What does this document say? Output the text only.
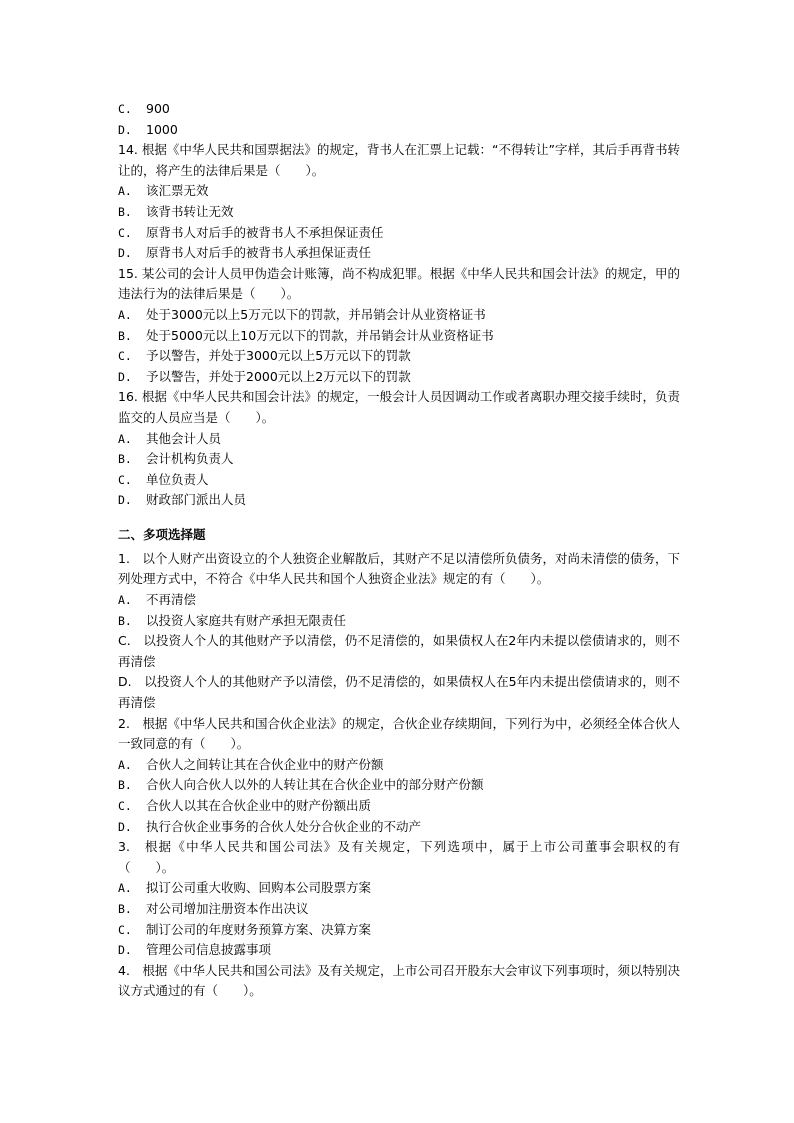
C.	900
D.	1000
14. 根据《中华人民共和国票据法》的规定，背书人在汇票上记载：“不得转让”字样，其后手再背书转让的，将产生的法律后果是（　　）。
A.	该汇票无效
B.	该背书转让无效
C.	原背书人对后手的被背书人不承担保证责任
D.	原背书人对后手的被背书人承担保证责任
15. 某公司的会计人员甲伪造会计账簿，尚不构成犯罪。根据《中华人民共和国会计法》的规定，甲的违法行为的法律后果是（　　）。
A.	处于3000元以上5万元以下的罚款，并吊销会计从业资格证书
B.	处于5000元以上10万元以下的罚款，并吊销会计从业资格证书
C.	予以警告，并处于3000元以上5万元以下的罚款
D.	予以警告，并处于2000元以上2万元以下的罚款
16. 根据《中华人民共和国会计法》的规定，一般会计人员因调动工作或者离职办理交接手续时，负责监交的人员应当是（　　）。
A.	其他会计人员
B.	会计机构负责人
C.	单位负责人
D.	财政部门派出人员
二、多项选择题
1.　以个人财产出资设立的个人独资企业解散后，其财产不足以清偿所负债务，对尚未清偿的债务，下列处理方式中，不符合《中华人民共和国个人独资企业法》规定的有（　　）。
A.	不再清偿
B.	以投资人家庭共有财产承担无限责任
C.　 以投资人个人的其他财产予以清偿，仍不足清偿的，如果债权人在2年内未提以偿债请求的，则不再清偿
D.　 以投资人个人的其他财产予以清偿，仍不足清偿的，如果债权人在5年内未提出偿债请求的，则不再清偿
2.　根据《中华人民共和国合伙企业法》的规定，合伙企业存续期间，下列行为中，必须经全体合伙人一致同意的有（　　）。
A.	合伙人之间转让其在合伙企业中的财产份额
B.	合伙人向合伙人以外的人转让其在合伙企业中的部分财产份额
C.	合伙人以其在合伙企业中的财产份额出质
D.	执行合伙企业事务的合伙人处分合伙企业的不动产
3.　根据《中华人民共和国公司法》及有关规定，下列选项中，属于上市公司董事会职权的有（　　）。
A.	拟订公司重大收购、回购本公司股票方案
B.	对公司增加注册资本作出决议
C.	制订公司的年度财务预算方案、决算方案
D.	管理公司信息披露事项
4.　根据《中华人民共和国公司法》及有关规定，上市公司召开股东大会审议下列事项时，须以特别决议方式通过的有（　　）。
